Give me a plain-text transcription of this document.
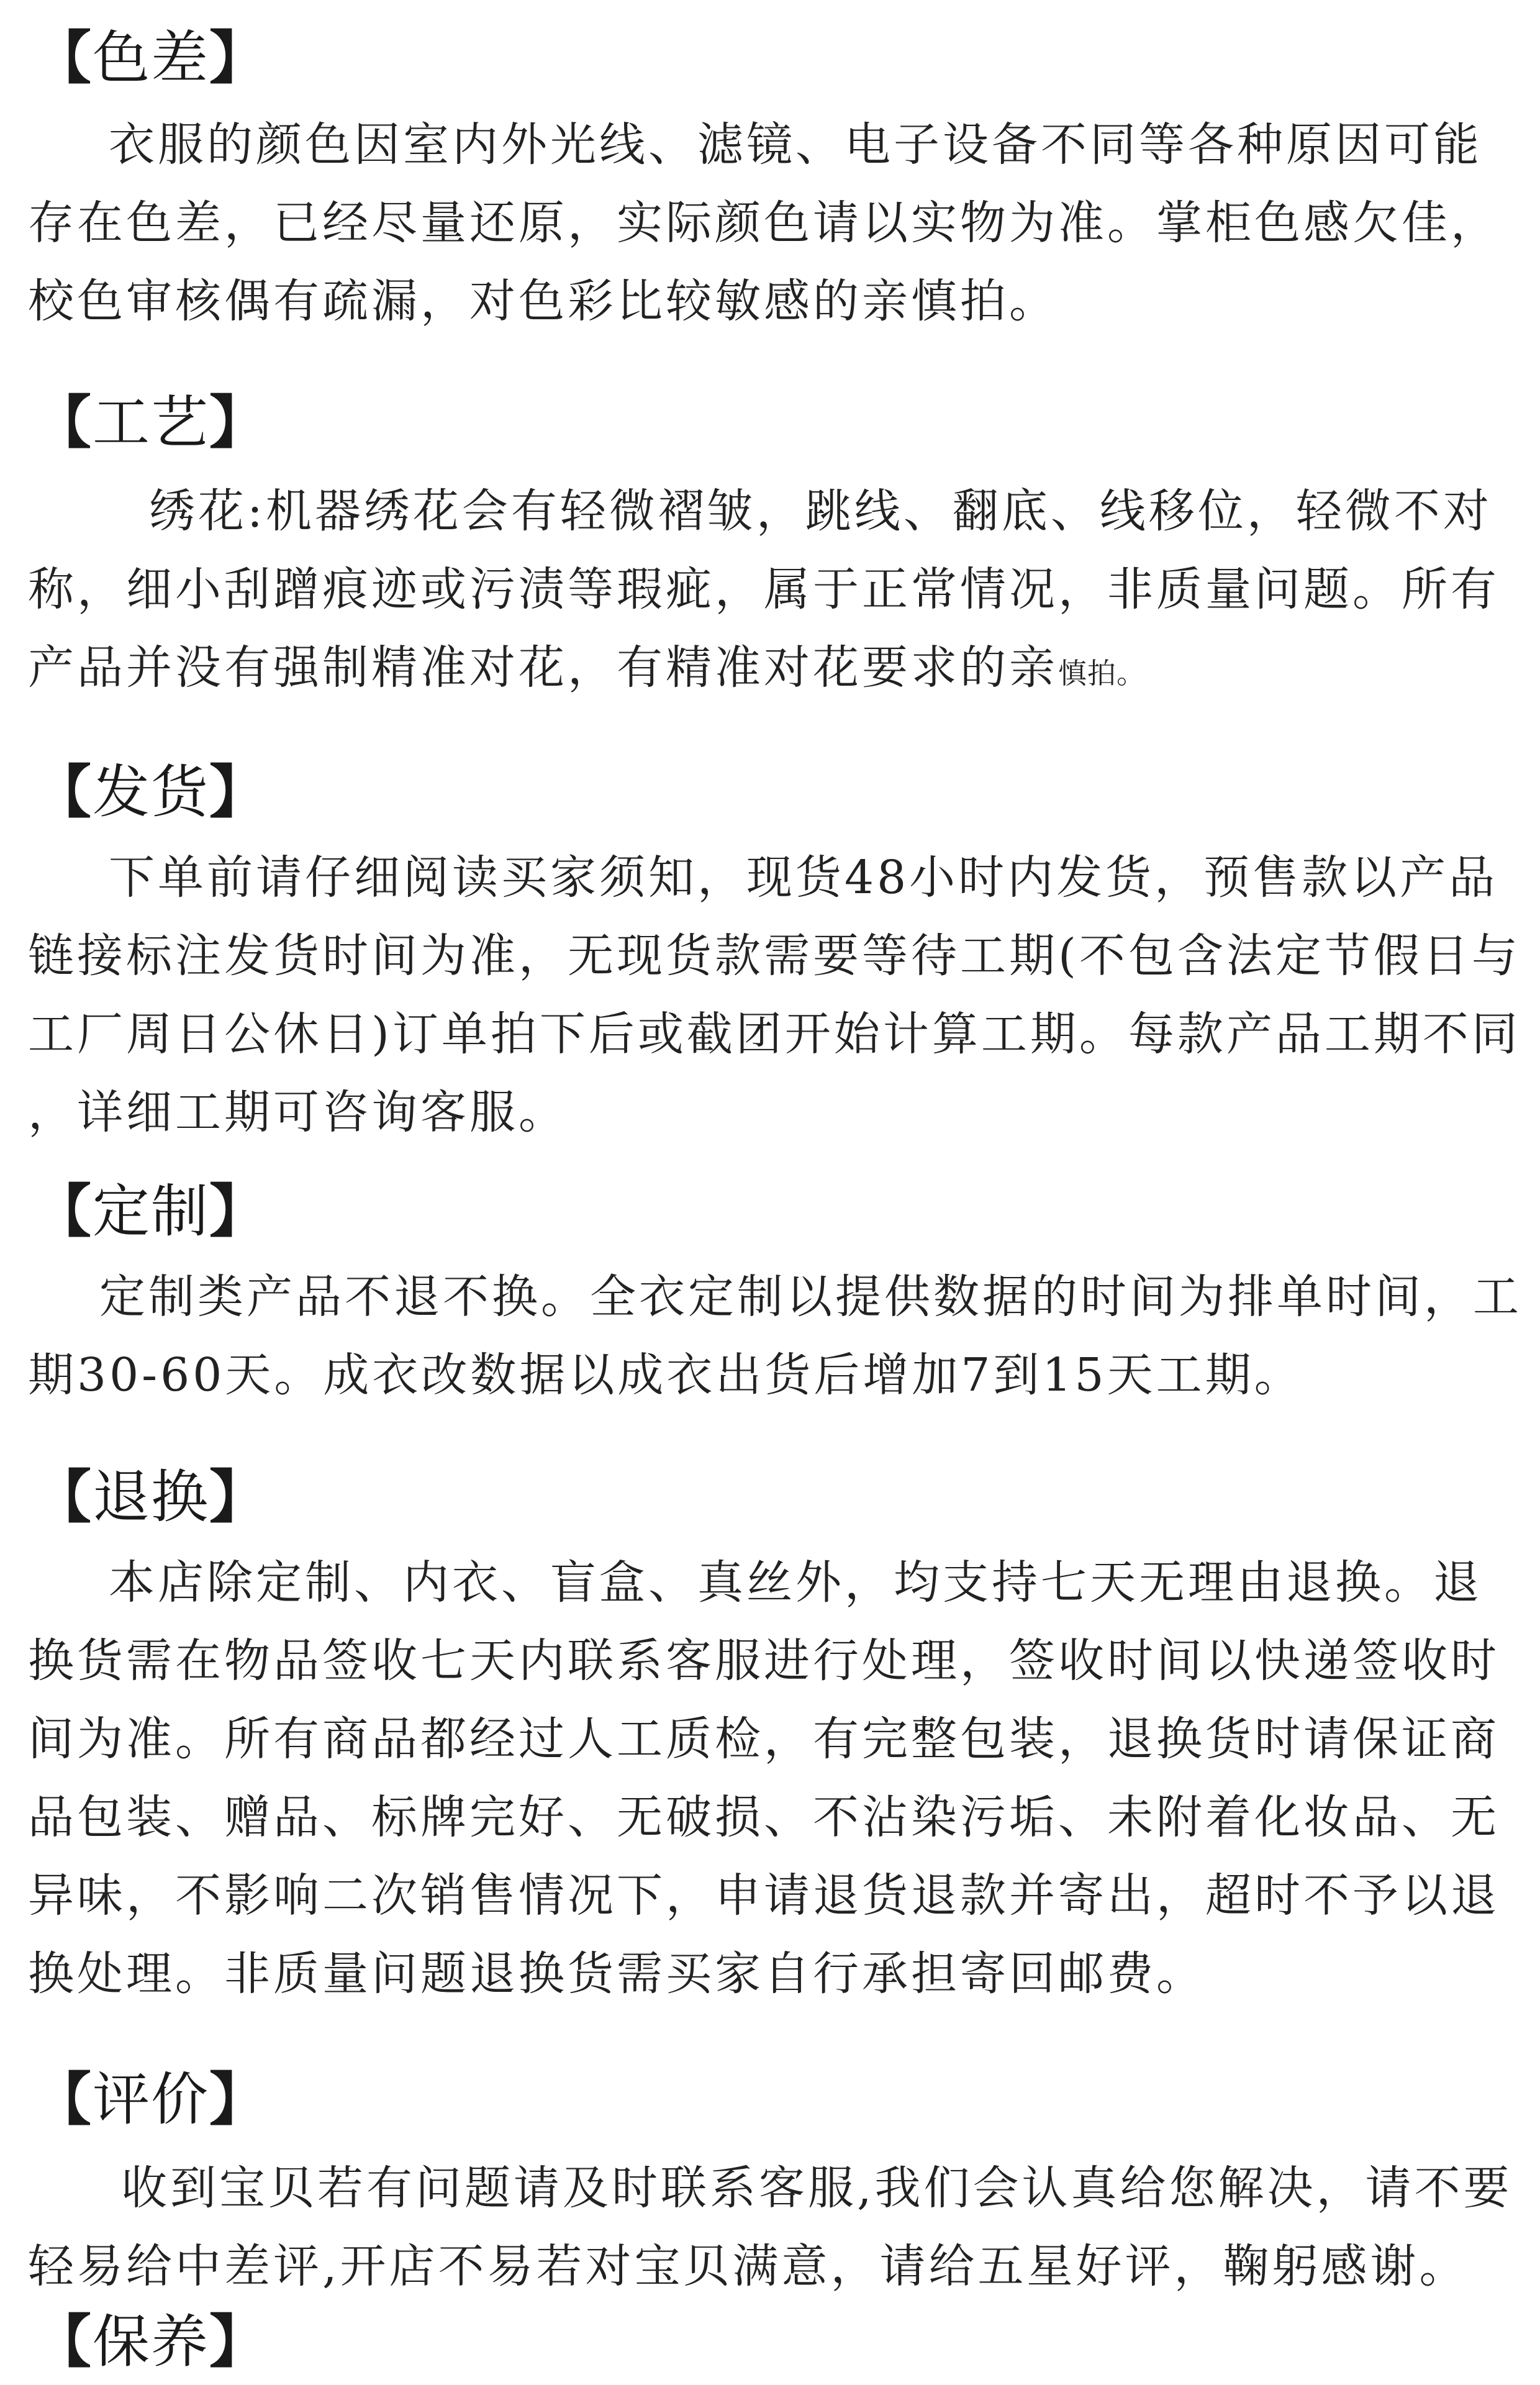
【色差】
衣服的颜色因室内外光线、滤镜、电子设备不同等各种原因可能
存在色差，已经尽量还原，实际颜色请以实物为准。掌柜色感欠佳，
校色审核偶有疏漏，对色彩比较敏感的亲慎拍。
【工艺】
绣花:机器绣花会有轻微褶皱，跳线、翻底、线移位，轻微不对
称，细小刮蹭痕迹或污渍等瑕疵，属于正常情况，非质量问题。所有
产品并没有强制精准对花，有精准对花要求的亲慎拍。
【发货】
下单前请仔细阅读买家须知，现货48小时内发货，预售款以产品
链接标注发货时间为准，无现货款需要等待工期(不包含法定节假日与
工厂周日公休日)订单拍下后或截团开始计算工期。每款产品工期不同
，详细工期可咨询客服。
【定制】
定制类产品不退不换。全衣定制以提供数据的时间为排单时间，工
期30-60天。成衣改数据以成衣出货后增加7到15天工期。
【退换】
本店除定制、内衣、盲盒、真丝外，均支持七天无理由退换。退
换货需在物品签收七天内联系客服进行处理，签收时间以快递签收时
间为准。所有商品都经过人工质检，有完整包装，退换货时请保证商
品包装、赠品、标牌完好、无破损、不沾染污垢、未附着化妆品、无
异味，不影响二次销售情况下，申请退货退款并寄出，超时不予以退
换处理。非质量问题退换货需买家自行承担寄回邮费。
【评价】
收到宝贝若有问题请及时联系客服,我们会认真给您解决，请不要
轻易给中差评,开店不易若对宝贝满意，请给五星好评，鞠躬感谢。
【保养】
